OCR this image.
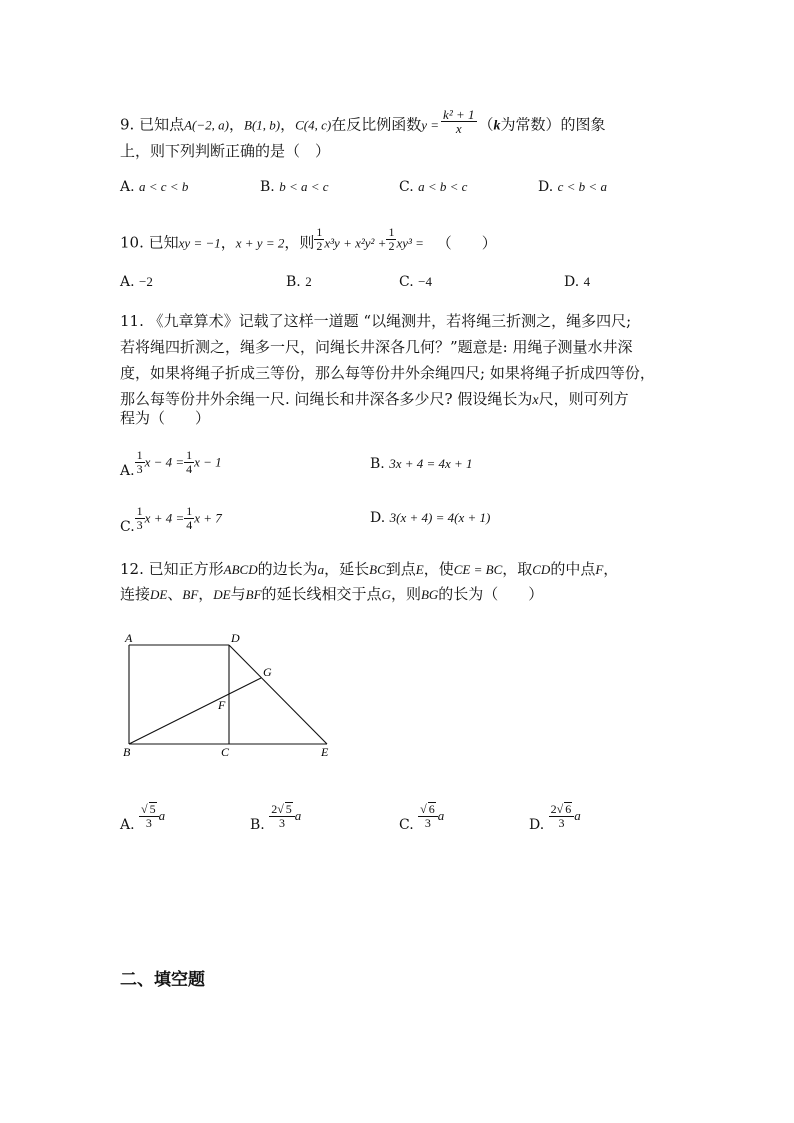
9. 已知点A(−2, a)，B(1, b)，C(4, c)在反比例函数$y = \frac{\text{k² + 1}}{x} (k$为常数）的图象
上，则下列判断正确的是（　）
A. a < c < b	B. b < a < c	C. a < b < c	D. c < b < a
10. 已知xy = −1，x + y = 2，则 $\frac{1}{2} x^3y + x^2y^2 + \frac{1}{2} xy^3$ = （　　）
A. −2	B. 2	C. −4	D. 4
11. 《九章算术》记载了这样一道题 “以绳测井，若将绳三折测之，绳多四尺;
若将绳四折测之，绳多一尺，问绳长井深各几何？”题意是: 用绳子测量水井深
度，如果将绳子折成三等份，那么每等份井外余绳四尺; 如果将绳子折成四等份，
那么每等份井外余绳一尺. 问绳长和井深各多少尺? 假设绳长为x尺，则可列方
程为（　　）
A. $\frac{1}{3}$ $x - 4 = \frac{1}{4}$ x − 1	B. 3x + 4 = 4x + 1
C. $\frac{1}{3}$ $x + 4 = \frac{1}{4}$ x + 7	D. 3(x + 4) = 4(x + 1)
12. 已知正方形ABCD的边长为a，延长BC到点E，使CE = BC，取CD的中点F，
连接DE、BF，DE与BF的延长线相交于点G，则BG的长为（　　）
A	D
G
F
B	C	E
A. $\frac{√ 5}{3}$ a
B. $\frac{2√ 5}{3}$ a
C. $\frac{√ 6}{3}$ a
D. $\frac{2√ 6}{3}$ a
二、填空题
